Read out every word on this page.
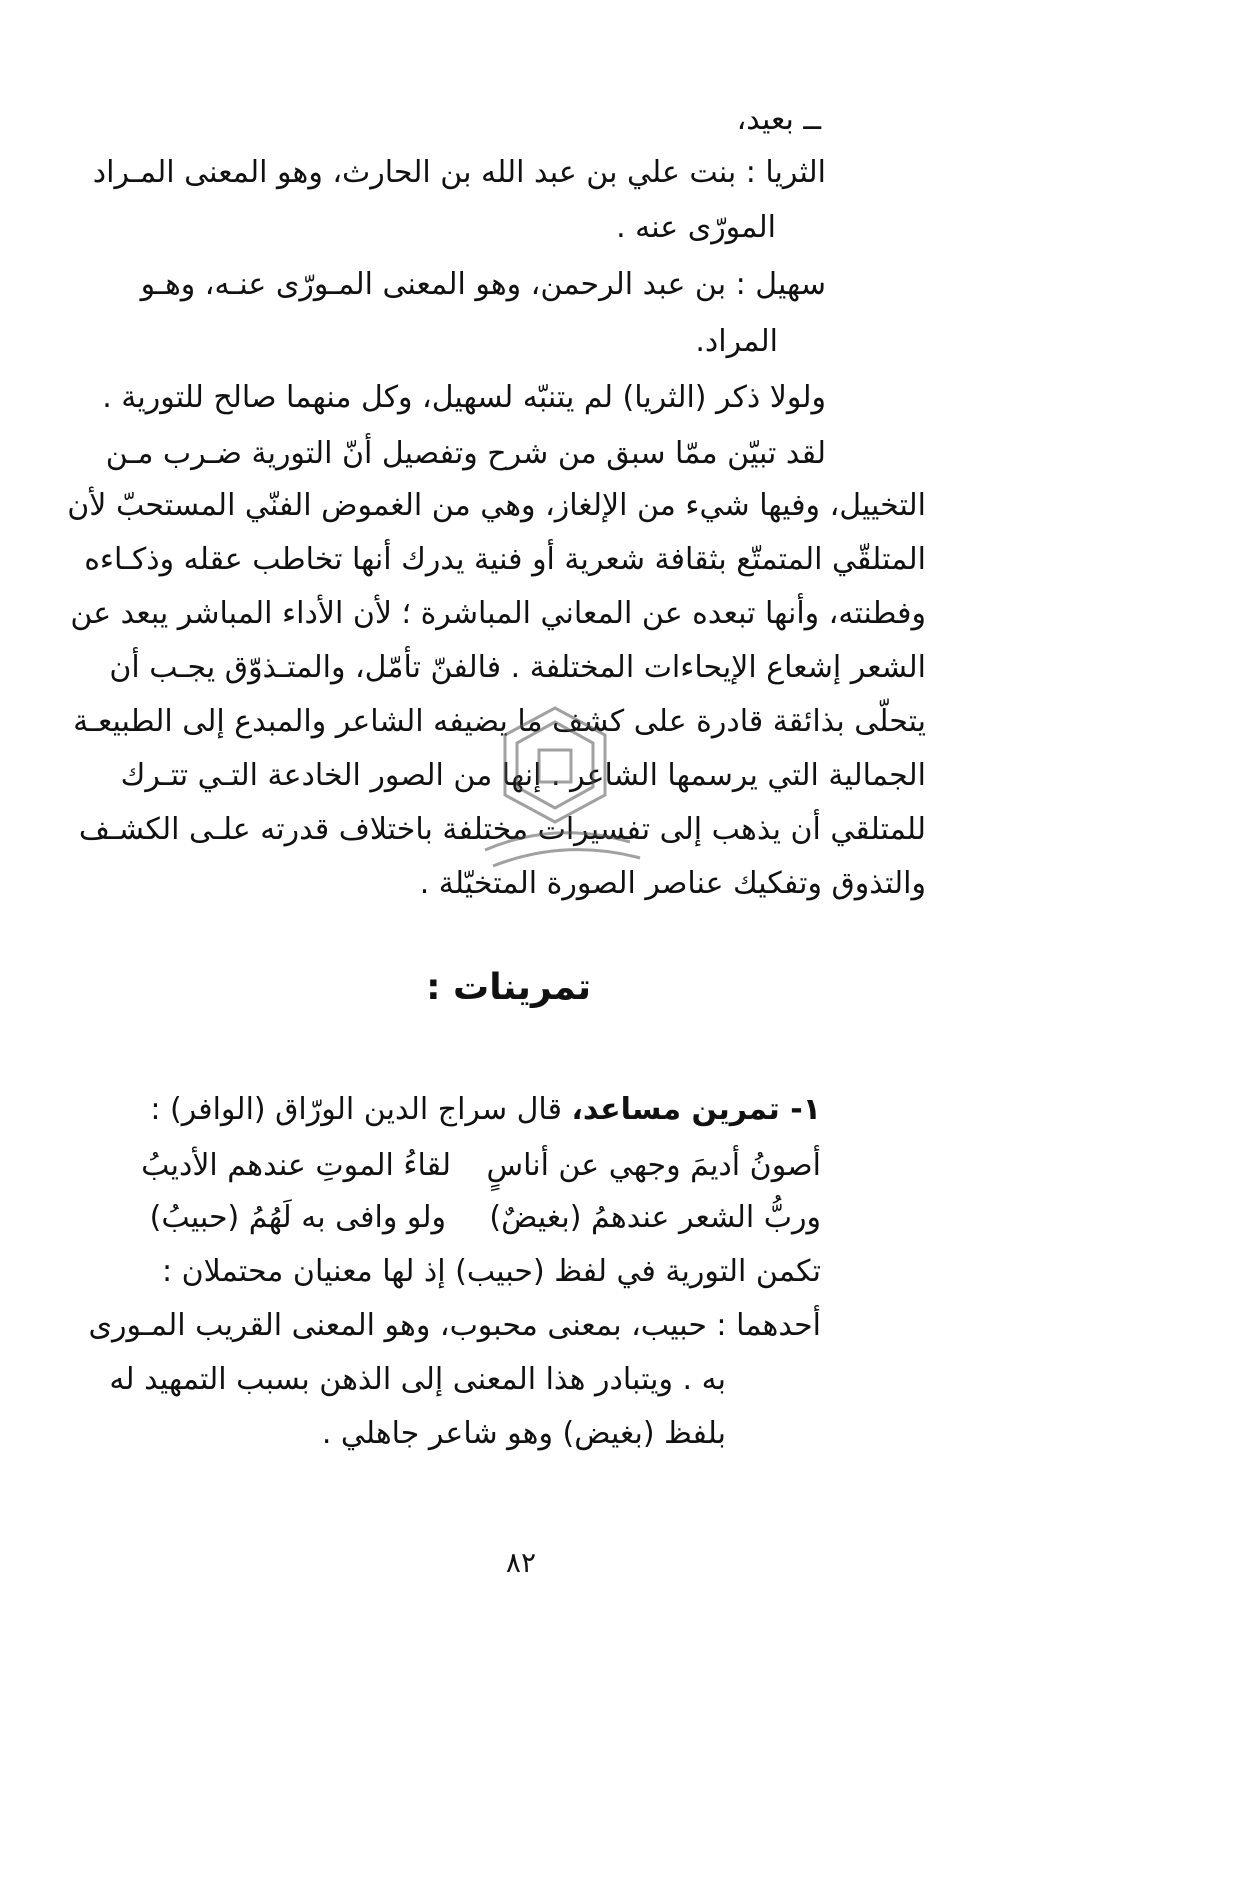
ــ بعيد،
الثريا : بنت علي بن عبد الله بن الحارث، وهو المعنى المـراد
المورّى عنه .
سهيل : بن عبد الرحمن، وهو المعنى المـورّى عنـه، وهـو
المراد.
ولولا ذكر (الثريا) لم يتنبّه لسهيل، وكل منهما صالح للتورية .
لقد تبيّن ممّا سبق من شرح وتفصيل أنّ التورية ضـرب مـن
التخييل، وفيها شيء من الإلغاز، وهي من الغموض الفنّي المستحبّ لأن
المتلقّي المتمتّع بثقافة شعرية أو فنية يدرك أنها تخاطب عقله وذكـاءه
وفطنته، وأنها تبعده عن المعاني المباشرة ؛ لأن الأداء المباشر يبعد عن
الشعر إشعاع الإيحاءات المختلفة . فالفنّ تأمّل، والمتـذوّق يجـب أن
يتحلّى بذائقة قادرة على كشف ما يضيفه الشاعر والمبدع إلى الطبيعـة
الجمالية التي يرسمها الشاعر . إنها من الصور الخادعة التـي تتـرك
للمتلقي أن يذهب إلى تفسيرات مختلفة باختلاف قدرته علـى الكشـف
والتذوق وتفكيك عناصر الصورة المتخيّلة .
تمرينات :
١- تمرين مساعد، قال سراج الدين الورّاق (الوافر) :
أصونُ أديمَ وجهي عن أناسٍ
لقاءُ الموتِ عندهم الأديبُ
وربُّ الشعر عندهمُ (بغيضٌ)
ولو وافى به لَهُمُ (حبيبُ)
تكمن التورية في لفظ (حبيب) إذ لها معنيان محتملان :
أحدهما : حبيب، بمعنى محبوب، وهو المعنى القريب المـورى
به . ويتبادر هذا المعنى إلى الذهن بسبب التمهيد له
بلفظ (بغيض) وهو شاعر جاهلي .
٨٢
